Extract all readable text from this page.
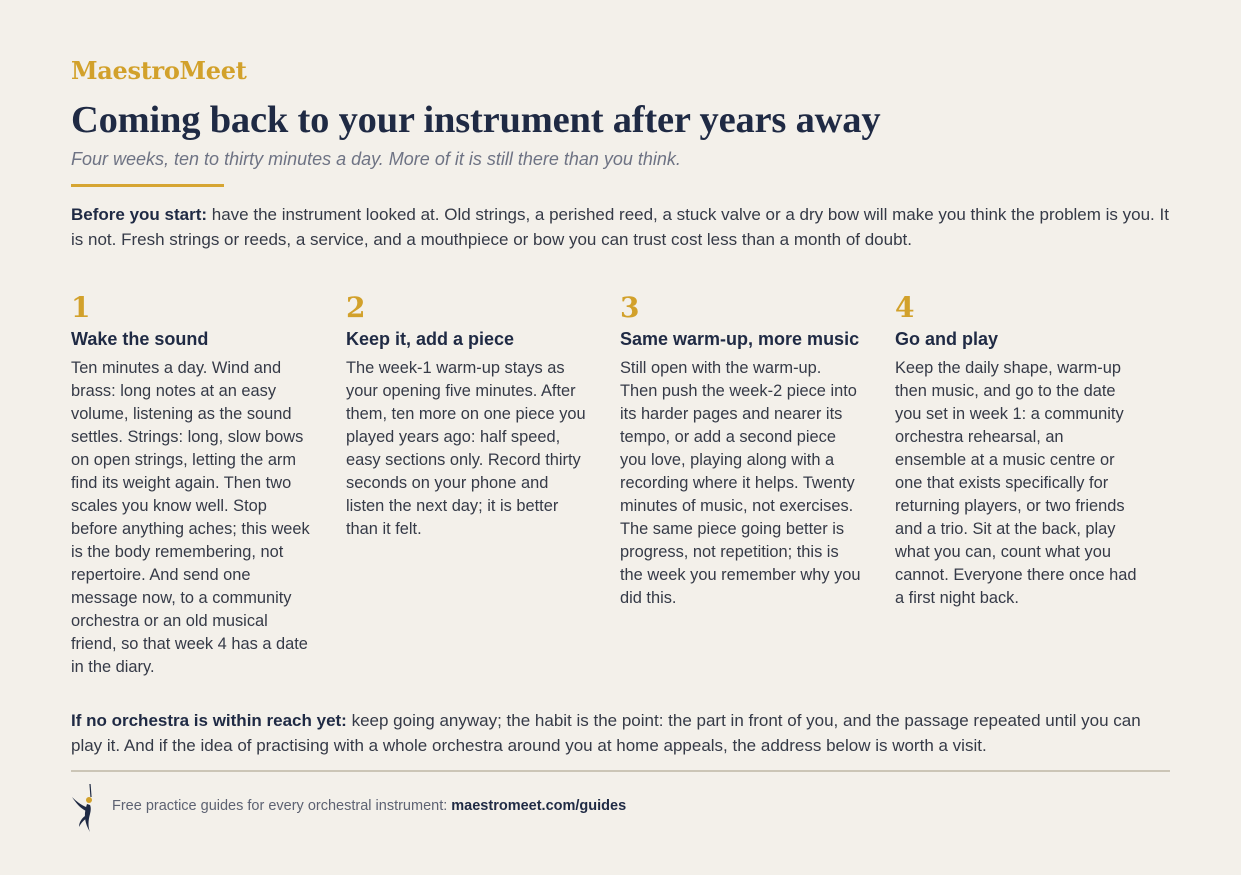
MaestroMeet
Coming back to your instrument after years away
Four weeks, ten to thirty minutes a day. More of it is still there than you think.

Before you start: have the instrument looked at. Old strings, a perished reed, a stuck valve or a dry bow will make you think the problem is you. It is not. Fresh strings or reeds, a service, and a mouthpiece or bow you can trust cost less than a month of doubt.

1
Wake the sound
Ten minutes a day. Wind and brass: long notes at an easy volume, listening as the sound settles. Strings: long, slow bows on open strings, letting the arm find its weight again. Then two scales you know well. Stop before anything aches; this week is the body remembering, not repertoire. And send one message now, to a community orchestra or an old musical friend, so that week 4 has a date in the diary.
2
Keep it, add a piece
The week-1 warm-up stays as your opening five minutes. After them, ten more on one piece you played years ago: half speed, easy sections only. Record thirty seconds on your phone and listen the next day; it is better than it felt.
3
Same warm-up, more music
Still open with the warm-up. Then push the week-2 piece into its harder pages and nearer its tempo, or add a second piece you love, playing along with a recording where it helps. Twenty minutes of music, not exercises. The same piece going better is progress, not repetition; this is the week you remember why you did this.
4
Go and play
Keep the daily shape, warm-up then music, and go to the date you set in week 1: a community orchestra rehearsal, an ensemble at a music centre or one that exists specifically for returning players, or two friends and a trio. Sit at the back, play what you can, count what you cannot. Everyone there once had a first night back.

If no orchestra is within reach yet: keep going anyway; the habit is the point: the part in front of you, and the passage repeated until you can play it. And if the idea of practising with a whole orchestra around you at home appeals, the address below is worth a visit.

Free practice guides for every orchestral instrument: maestromeet.com/guides
